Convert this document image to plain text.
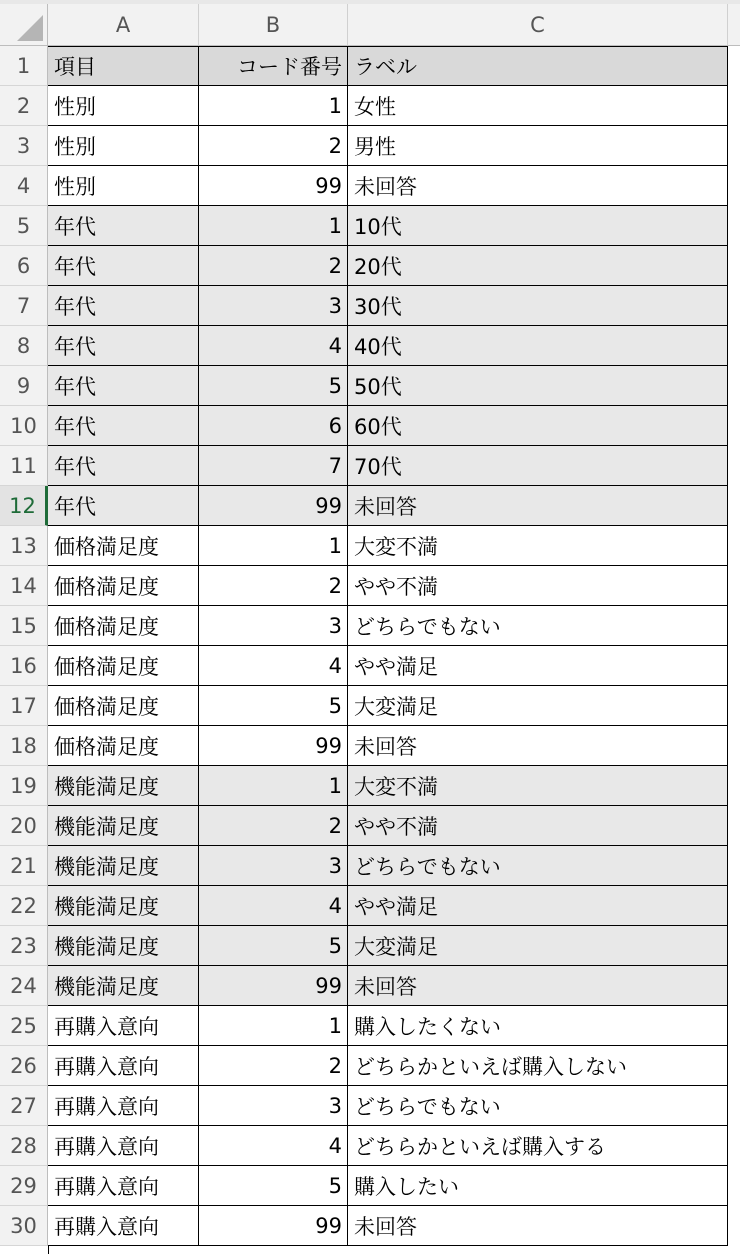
A	B	C
1	項目	コード番号 ラベル
2	性別	1 女性
3	性別	2 男性
4	性別	99 未回答
5	年代	1 10代
6	年代	2 20代
7	年代	3 30代
8	年代	4 40代
9	年代	5 50代
10 年代	6 60代
11 年代	7 70代
12 年代	99 未回答
13 価格満足度	1 大変不満
14 価格満足度	2 やや不満
15 価格満足度	3 どちらでもない
16 価格満足度	4 やや満足
17 価格満足度	5 大変満足
18 価格満足度	99 未回答
19 機能満足度	1 大変不満
20 機能満足度	2 やや不満
21 機能満足度	3 どちらでもない
22 機能満足度	4 やや満足
23 機能満足度	5 大変満足
24 機能満足度	99 未回答
25 再購入意向	1 購入したくない
26 再購入意向	2 どちらかといえば購入しない
27 再購入意向	3 どちらでもない
28 再購入意向	4 どちらかといえば購入する
29 再購入意向	5 購入したい
30 再購入意向	99 未回答
